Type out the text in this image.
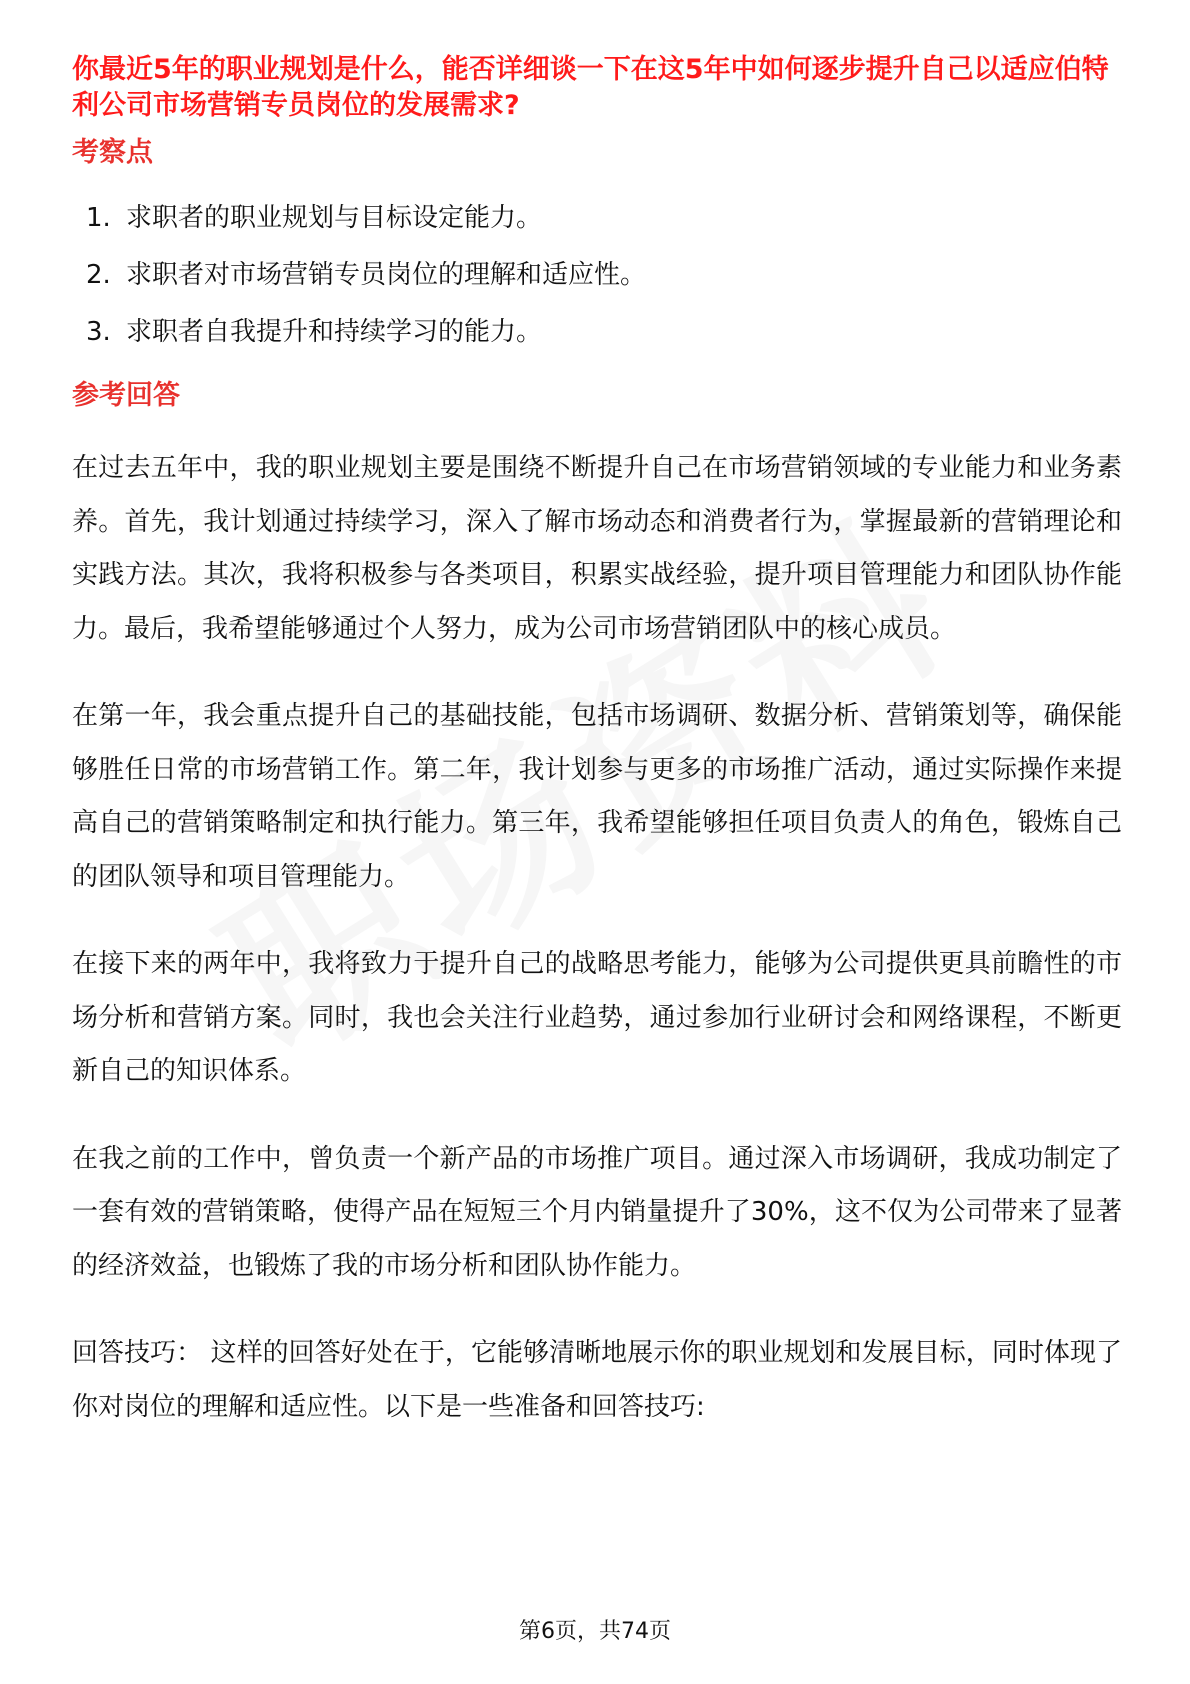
你最近5年的职业规划是什么，能否详细谈一下在这5年中如何逐步提升自己以适应伯特利公司市场营销专员岗位的发展需求?

考察点

1. 求职者的职业规划与目标设定能力。
2. 求职者对市场营销专员岗位的理解和适应性。
3. 求职者自我提升和持续学习的能力。

参考回答

在过去五年中，我的职业规划主要是围绕不断提升自己在市场营销领域的专业能力和业务素养。首先，我计划通过持续学习，深入了解市场动态和消费者行为，掌握最新的营销理论和实践方法。其次，我将积极参与各类项目，积累实战经验，提升项目管理能力和团队协作能力。最后，我希望能够通过个人努力，成为公司市场营销团队中的核心成员。

在第一年，我会重点提升自己的基础技能，包括市场调研、数据分析、营销策划等，确保能够胜任日常的市场营销工作。第二年，我计划参与更多的市场推广活动，通过实际操作来提高自己的营销策略制定和执行能力。第三年，我希望能够担任项目负责人的角色，锻炼自己的团队领导和项目管理能力。

在接下来的两年中，我将致力于提升自己的战略思考能力，能够为公司提供更具前瞻性的市场分析和营销方案。同时，我也会关注行业趋势，通过参加行业研讨会和网络课程，不断更新自己的知识体系。

在我之前的工作中，曾负责一个新产品的市场推广项目。通过深入市场调研，我成功制定了一套有效的营销策略，使得产品在短短三个月内销量提升了30%，这不仅为公司带来了显著的经济效益，也锻炼了我的市场分析和团队协作能力。

回答技巧： 这样的回答好处在于，它能够清晰地展示你的职业规划和发展目标，同时体现了你对岗位的理解和适应性。以下是一些准备和回答技巧:

第6页，共74页
